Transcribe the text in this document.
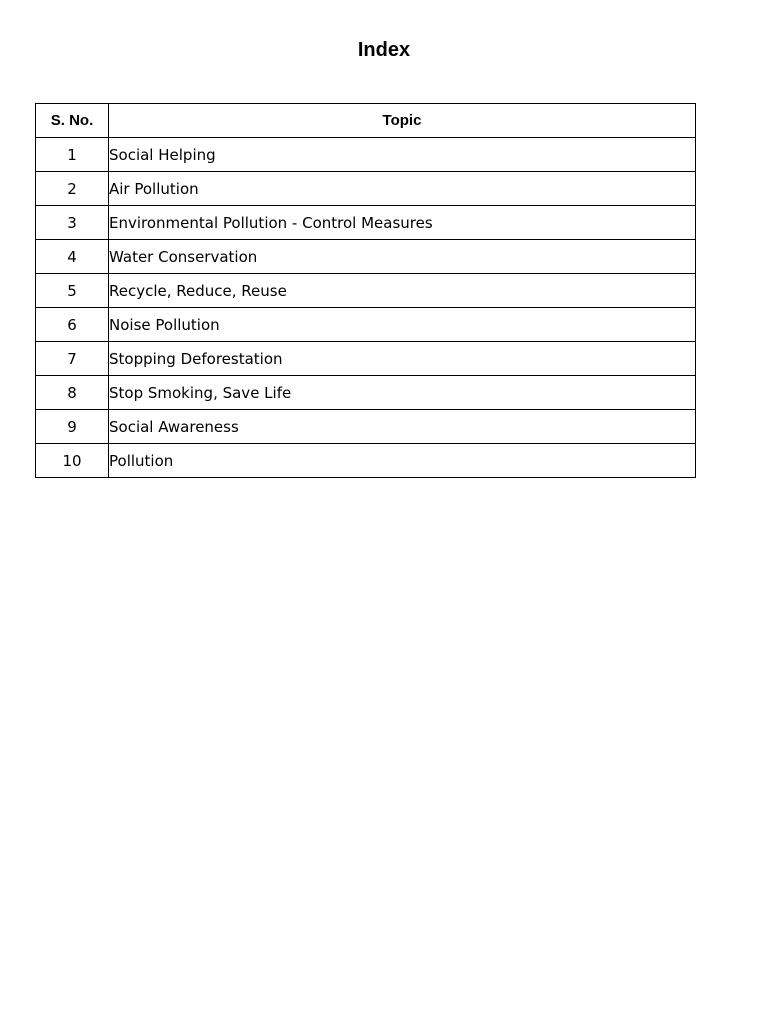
Index
S. No.	Topic
1	Social Helping
2	Air Pollution
3	Environmental Pollution - Control Measures
4	Water Conservation
5	Recycle, Reduce, Reuse
6	Noise Pollution
7	Stopping Deforestation
8	Stop Smoking, Save Life
9	Social Awareness
10	Pollution
